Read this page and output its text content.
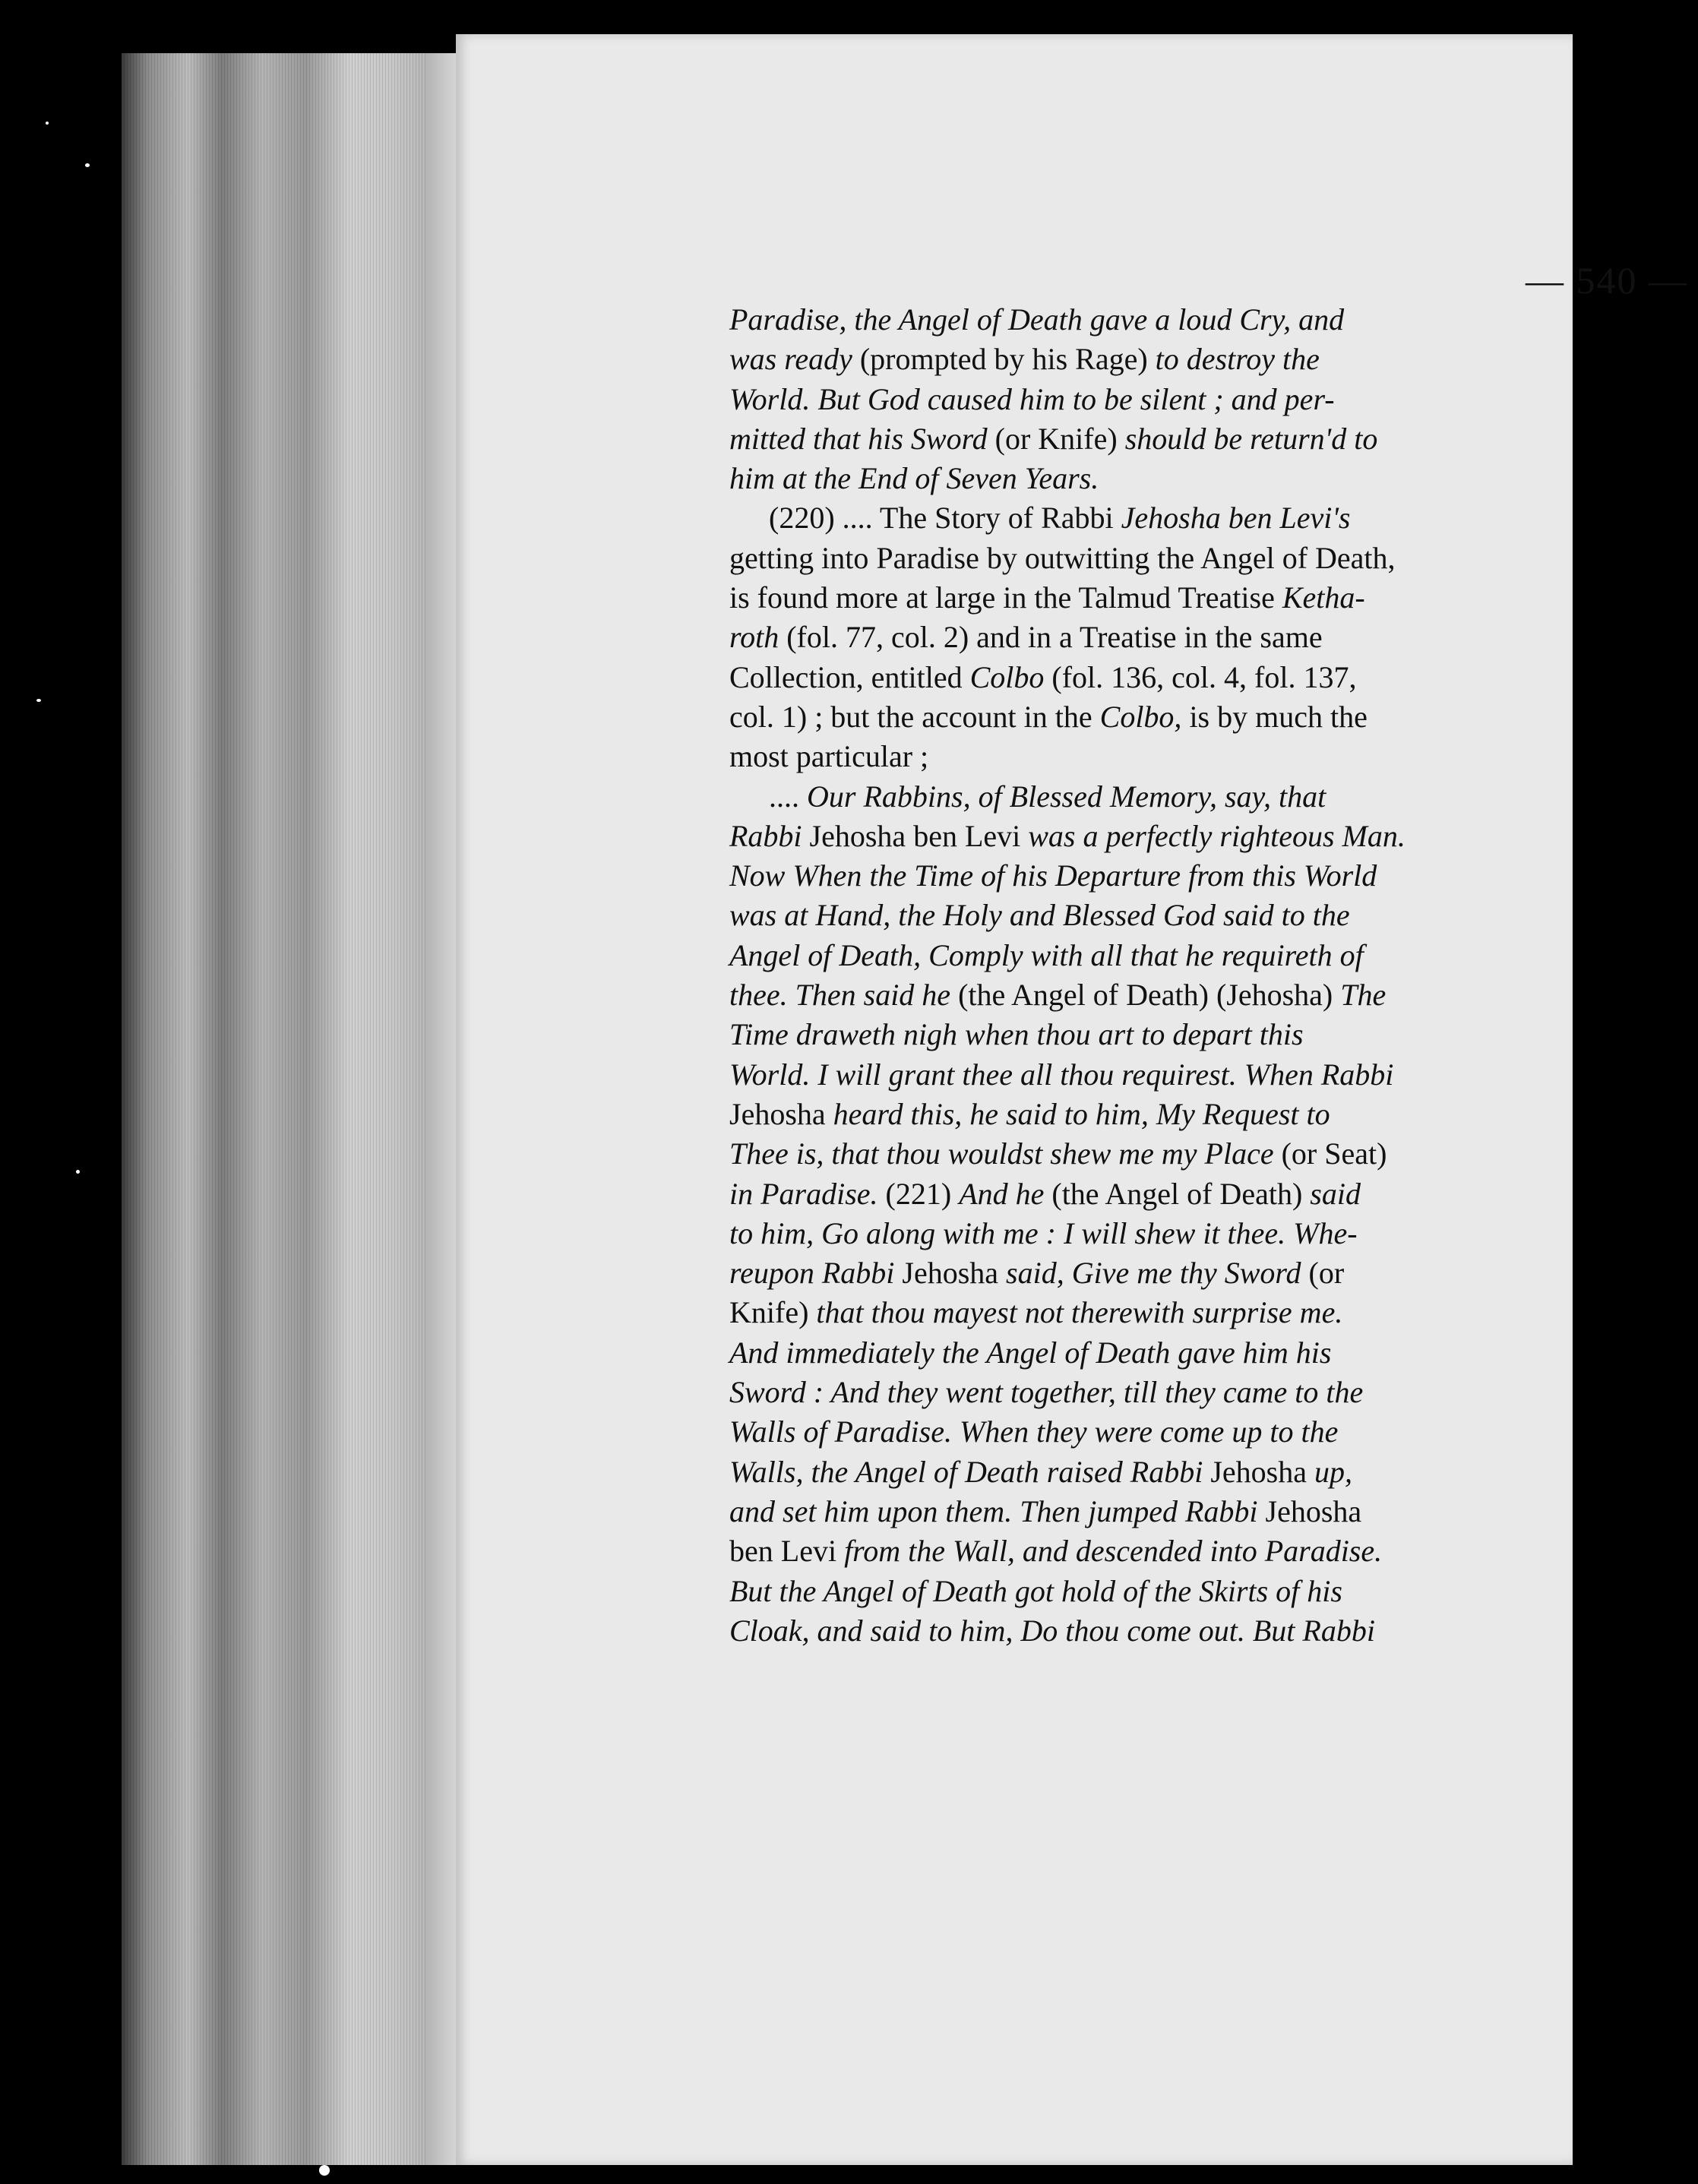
— 540 —
Paradise, the Angel of Death gave a loud Cry, and
was ready (prompted by his Rage) to destroy the
World. But God caused him to be silent ; and per-
mitted that his Sword (or Knife) should be return'd to
him at the End of Seven Years.
(220) .... The Story of Rabbi Jehosha ben Levi's
getting into Paradise by outwitting the Angel of Death,
is found more at large in the Talmud Treatise Ketha-
roth (fol. 77, col. 2) and in a Treatise in the same
Collection, entitled Colbo (fol. 136, col. 4, fol. 137,
col. 1) ; but the account in the Colbo, is by much the
most particular ;
.... Our Rabbins, of Blessed Memory, say, that
Rabbi Jehosha ben Levi was a perfectly righteous Man.
Now When the Time of his Departure from this World
was at Hand, the Holy and Blessed God said to the
Angel of Death, Comply with all that he requireth of
thee. Then said he (the Angel of Death) (Jehosha) The
Time draweth nigh when thou art to depart this
World. I will grant thee all thou requirest. When Rabbi
Jehosha heard this, he said to him, My Request to
Thee is, that thou wouldst shew me my Place (or Seat)
in Paradise. (221) And he (the Angel of Death) said
to him, Go along with me : I will shew it thee. Whe-
reupon Rabbi Jehosha said, Give me thy Sword (or
Knife) that thou mayest not therewith surprise me.
And immediately the Angel of Death gave him his
Sword : And they went together, till they came to the
Walls of Paradise. When they were come up to the
Walls, the Angel of Death raised Rabbi Jehosha up,
and set him upon them. Then jumped Rabbi Jehosha
ben Levi from the Wall, and descended into Paradise.
But the Angel of Death got hold of the Skirts of his
Cloak, and said to him, Do thou come out. But Rabbi
